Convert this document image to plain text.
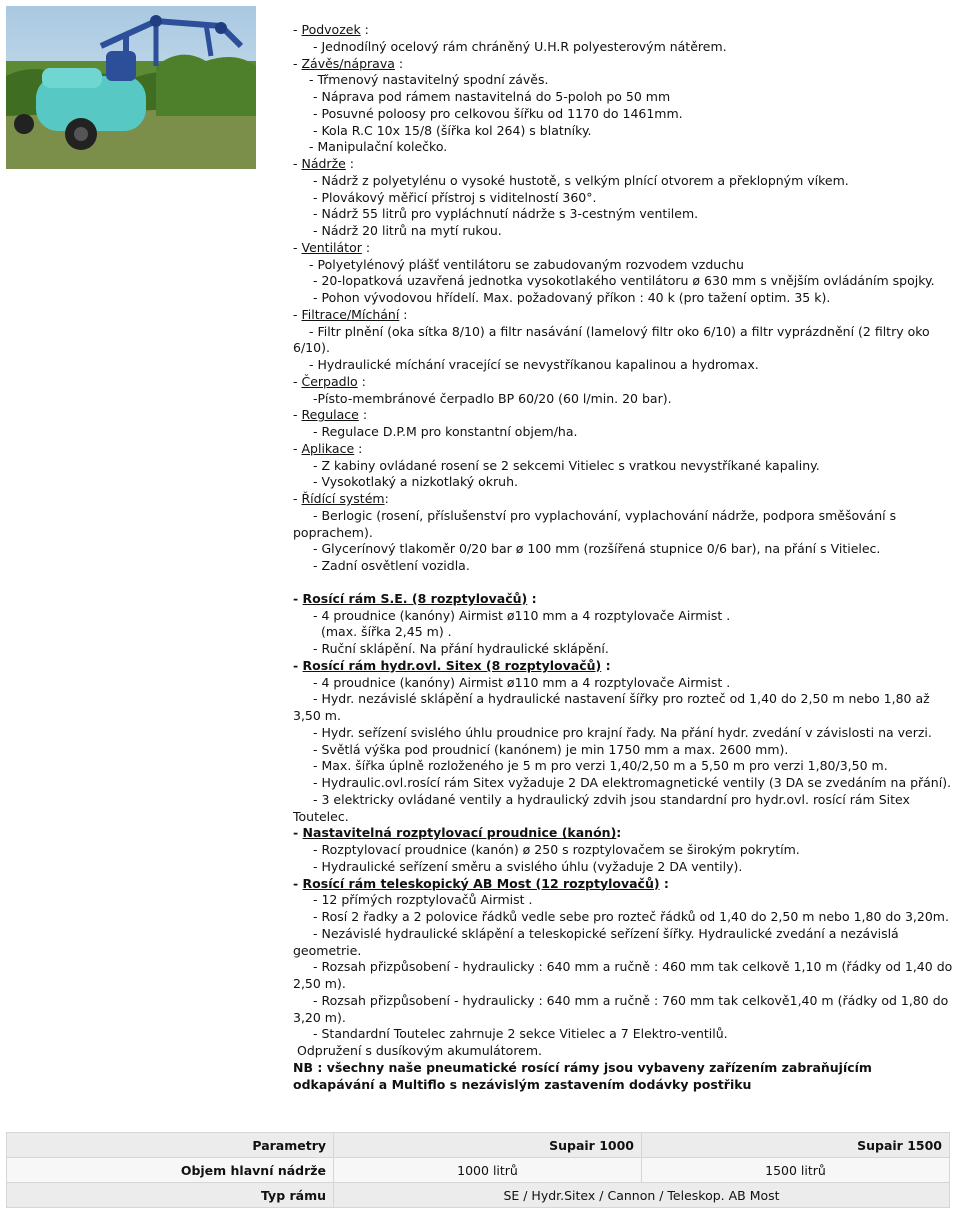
- Podvozek :
- Jednodílný ocelový rám chráněný U.H.R polyesterovým nátěrem.
- Závěs/náprava :
- Třmenový nastavitelný spodní závěs.
- Náprava pod rámem nastavitelná do 5-poloh po 50 mm
- Posuvné poloosy pro celkovou šířku od 1170 do 1461mm.
- Kola R.C 10x 15/8 (šířka kol 264) s blatníky.
- Manipulační kolečko.
- Nádrže :
- Nádrž z polyetylénu o vysoké hustotě, s velkým plnící otvorem a překlopným víkem.
- Plovákový měřicí přístroj s viditelností 360°.
- Nádrž 55 litrů pro vypláchnutí nádrže s 3-cestným ventilem.
- Nádrž 20 litrů na mytí rukou.
- Ventilátor :
- Polyetylénový plášť ventilátoru se zabudovaným rozvodem vzduchu
- 20-lopatková uzavřená jednotka vysokotlakého ventilátoru ø 630 mm s vnějším ovládáním spojky.
- Pohon vývodovou hřídelí. Max. požadovaný příkon : 40 k (pro tažení optim. 35 k).
- Filtrace/Míchání :
- Filtr plnění (oka sítka 8/10) a filtr nasávání (lamelový filtr oko 6/10) a filtr vyprázdnění (2 filtry oko 6/10).
- Hydraulické míchání vracející se nevystříkanou kapalinou a hydromax.
- Čerpadlo :
-Písto-membránové čerpadlo BP 60/20 (60 l/min. 20 bar).
- Regulace :
- Regulace D.P.M pro konstantní objem/ha.
- Aplikace :
- Z kabiny ovládané rosení se 2 sekcemi Vitielec s vratkou nevystříkané kapaliny.
- Vysokotlaký a nizkotlaký okruh.
- Řídící systém:
- Berlogic (rosení, příslušenství pro vyplachování, vyplachování nádrže, podpora směšování s poprachem).
- Glycerínový tlakoměr 0/20 bar ø 100 mm (rozšířená stupnice 0/6 bar), na přání s Vitielec.
- Zadní osvětlení vozidla.
- Rosící rám S.E. (8 rozptylovačů) :
- 4 proudnice (kanóny) Airmist ø110 mm a 4 rozptylovače Airmist .
(max. šířka 2,45 m) .
- Ruční sklápění. Na přání hydraulické sklápění.
- Rosící rám hydr.ovl. Sitex (8 rozptylovačů) :
- 4 proudnice (kanóny) Airmist ø110 mm a 4 rozptylovače Airmist .
- Hydr. nezávislé sklápění a hydraulické nastavení šířky pro rozteč od 1,40 do 2,50 m nebo 1,80 až 3,50 m.
- Hydr. seřízení svislého úhlu proudnice pro krajní řady. Na přání hydr. zvedání v závislosti na verzi.
- Světlá výška pod proudnicí (kanónem) je min 1750 mm a max. 2600 mm).
- Max. šířka úplně rozloženého je 5 m pro verzi 1,40/2,50 m a 5,50 m pro verzi 1,80/3,50 m.
- Hydraulic.ovl.rosící rám Sitex vyžaduje 2 DA elektromagnetické ventily (3 DA se zvedáním na přání).
- 3 elektricky ovládané ventily a hydraulický zdvih jsou standardní pro hydr.ovl. rosící rám Sitex Toutelec.
- Nastavitelná rozptylovací proudnice (kanón):
- Rozptylovací proudnice (kanón) ø 250 s rozptylovačem se širokým pokrytím.
- Hydraulické seřízení směru a svislého úhlu (vyžaduje 2 DA ventily).
- Rosící rám teleskopický AB Most (12 rozptylovačů) :
- 12 přímých rozptylovačů Airmist .
- Rosí 2 řadky a 2 polovice řádků vedle sebe pro rozteč řádků od 1,40 do 2,50 m nebo 1,80 do 3,20m.
- Nezávislé hydraulické sklápění a teleskopické seřízení šířky. Hydraulické zvedání a nezávislá geometrie.
- Rozsah přizpůsobení - hydraulicky : 640 mm a ručně : 460 mm tak celkově 1,10 m (řádky od 1,40 do 2,50 m).
- Rozsah přizpůsobení - hydraulicky : 640 mm a ručně : 760 mm tak celkově1,40 m (řádky od 1,80 do 3,20 m).
- Standardní Toutelec zahrnuje 2 sekce Vitielec a 7 Elektro-ventilů.
Odpružení s dusíkovým akumulátorem.
NB : všechny naše pneumatické rosící rámy jsou vybaveny zařízením zabraňujícím odkapávání a Multiflo s nezávislým zastavením dodávky postřiku
Parametry	Supair 1000	Supair 1500
Objem hlavní nádrže	1000 litrů	1500 litrů
Typ rámu	SE / Hydr.Sitex / Cannon / Teleskop. AB Most	
